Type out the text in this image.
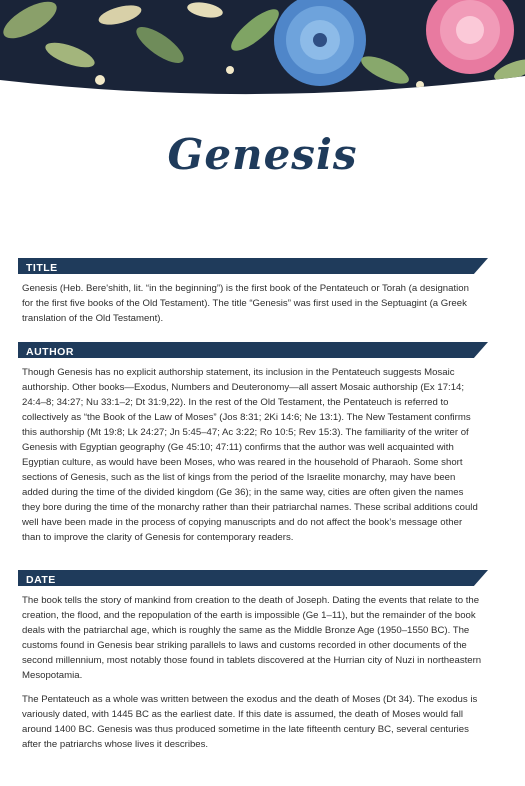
Genesis
TITLE

Genesis (Heb. Bere'shith, lit. “in the beginning”) is the first book of the Pentateuch or Torah (a designation for the first five books of the Old Testament). The title “Genesis” was first used in the Septuagint (a Greek translation of the Old Testament).

AUTHOR

Though Genesis has no explicit authorship statement, its inclusion in the Pentateuch suggests Mosaic authorship. Other books—Exodus, Numbers and Deuteronomy—all assert Mosaic authorship (Ex 17:14; 24:4–8; 34:27; Nu 33:1–2; Dt 31:9,22). In the rest of the Old Testament, the Pentateuch is referred to collectively as “the Book of the Law of Moses” (Jos 8:31; 2Ki 14:6; Ne 13:1). The New Testament confirms this authorship (Mt 19:8; Lk 24:27; Jn 5:45–47; Ac 3:22; Ro 10:5; Rev 15:3). The familiarity of the writer of Genesis with Egyptian geography (Ge 45:10; 47:11) confirms that the author was well acquainted with Egyptian culture, as would have been Moses, who was reared in the household of Pharaoh. Some short sections of Genesis, such as the list of kings from the period of the Israelite monarchy, may have been added during the time of the divided kingdom (Ge 36); in the same way, cities are often given the names they bore during the time of the monarchy rather than their patriarchal names. These scribal additions could well have been made in the process of copying manuscripts and do not affect the book’s message other than to improve the clarity of Genesis for contemporary readers.

DATE

The book tells the story of mankind from creation to the death of Joseph. Dating the events that relate to the creation, the flood, and the repopulation of the earth is impossible (Ge 1–11), but the remainder of the book deals with the patriarchal age, which is roughly the same as the Middle Bronze Age (1950–1550 BC). The customs found in Genesis bear striking parallels to laws and customs recorded in other documents of the second millennium, most notably those found in tablets discovered at the Hurrian city of Nuzi in northeastern Mesopotamia.

The Pentateuch as a whole was written between the exodus and the death of Moses (Dt 34). The exodus is variously dated, with 1445 BC as the earliest date. If this date is assumed, the death of Moses would fall around 1400 BC. Genesis was thus produced sometime in the late fifteenth century BC, several centuries after the patriarchs whose lives it describes.
